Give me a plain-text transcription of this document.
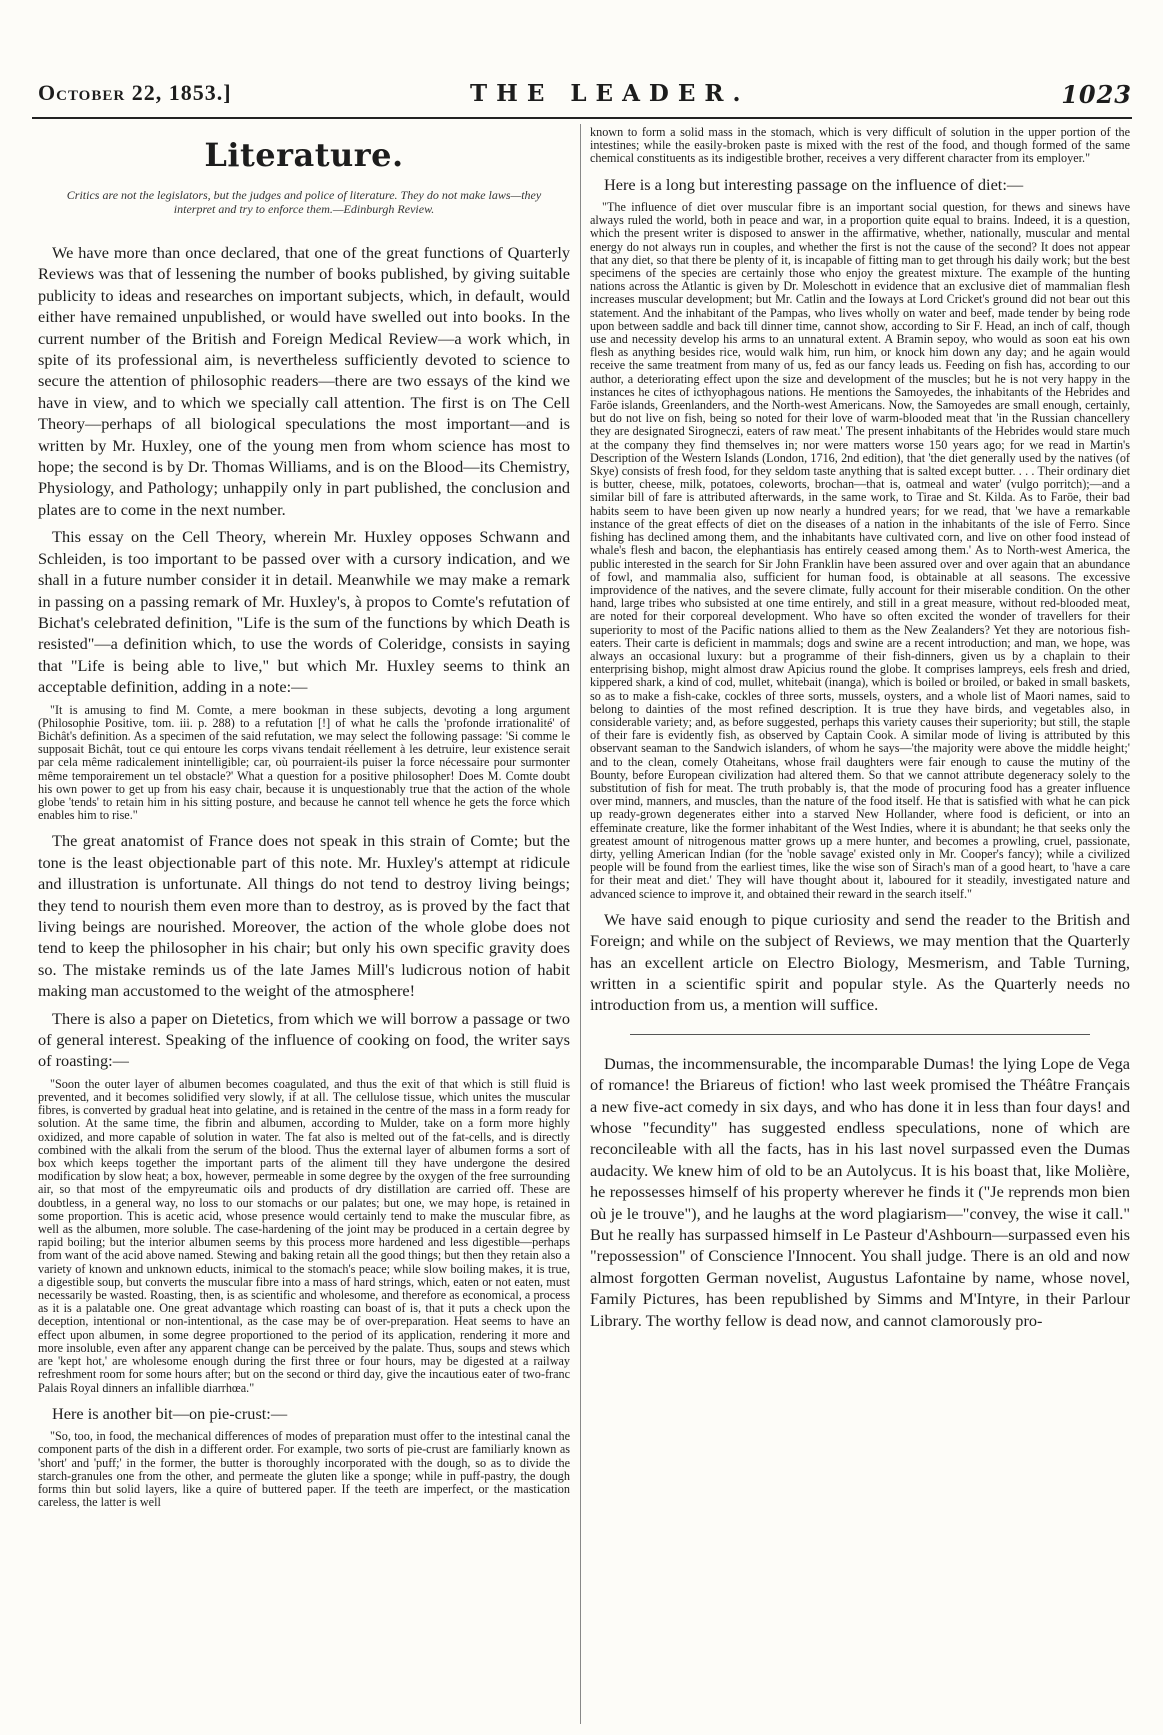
October 22, 1853.]	THE LEADER.	1023
Literature.
Critics are not the legislators, but the judges and police of literature. They do not make laws—they interpret and try to enforce them.—Edinburgh Review.

We have more than once declared, that one of the great functions of Quarterly Reviews was that of lessening the number of books published, by giving suitable publicity to ideas and researches on important subjects, which, in default, would either have remained unpublished, or would have swelled out into books. In the current number of the British and Foreign Medical Review—a work which, in spite of its professional aim, is nevertheless sufficiently devoted to science to secure the attention of philosophic readers—there are two essays of the kind we have in view, and to which we specially call attention. The first is on The Cell Theory—perhaps of all biological speculations the most important—and is written by Mr. Huxley, one of the young men from whom science has most to hope; the second is by Dr. Thomas Williams, and is on the Blood—its Chemistry, Physiology, and Pathology; unhappily only in part published, the conclusion and plates are to come in the next number.

This essay on the Cell Theory, wherein Mr. Huxley opposes Schwann and Schleiden, is too important to be passed over with a cursory indication, and we shall in a future number consider it in detail. Meanwhile we may make a remark in passing on a passing remark of Mr. Huxley's, à propos to Comte's refutation of Bichat's celebrated definition, "Life is the sum of the functions by which Death is resisted"—a definition which, to use the words of Coleridge, consists in saying that "Life is being able to live," but which Mr. Huxley seems to think an acceptable definition, adding in a note:—

"It is amusing to find M. Comte, a mere bookman in these subjects, devoting a long argument (Philosophie Positive, tom. iii. p. 288) to a refutation [!] of what he calls the 'profonde irrationalité' of Bichât's definition. As a specimen of the said refutation, we may select the following passage: 'Si comme le supposait Bichât, tout ce qui entoure les corps vivans tendait réellement à les detruire, leur existence serait par cela même radicalement inintelligible; car, où pourraient-ils puiser la force nécessaire pour surmonter même temporairement un tel obstacle?' What a question for a positive philosopher! Does M. Comte doubt his own power to get up from his easy chair, because it is unquestionably true that the action of the whole globe 'tends' to retain him in his sitting posture, and because he cannot tell whence he gets the force which enables him to rise."

The great anatomist of France does not speak in this strain of Comte; but the tone is the least objectionable part of this note. Mr. Huxley's attempt at ridicule and illustration is unfortunate. All things do not tend to destroy living beings; they tend to nourish them even more than to destroy, as is proved by the fact that living beings are nourished. Moreover, the action of the whole globe does not tend to keep the philosopher in his chair; but only his own specific gravity does so. The mistake reminds us of the late James Mill's ludicrous notion of habit making man accustomed to the weight of the atmosphere!

There is also a paper on Dietetics, from which we will borrow a passage or two of general interest. Speaking of the influence of cooking on food, the writer says of roasting:—

"Soon the outer layer of albumen becomes coagulated, and thus the exit of that which is still fluid is prevented, and it becomes solidified very slowly, if at all. The cellulose tissue, which unites the muscular fibres, is converted by gradual heat into gelatine, and is retained in the centre of the mass in a form ready for solution. At the same time, the fibrin and albumen, according to Mulder, take on a form more highly oxidized, and more capable of solution in water. The fat also is melted out of the fat-cells, and is directly combined with the alkali from the serum of the blood. Thus the external layer of albumen forms a sort of box which keeps together the important parts of the aliment till they have undergone the desired modification by slow heat; a box, however, permeable in some degree by the oxygen of the free surrounding air, so that most of the empyreumatic oils and products of dry distillation are carried off. These are doubtless, in a general way, no loss to our stomachs or our palates; but one, we may hope, is retained in some proportion. This is acetic acid, whose presence would certainly tend to make the muscular fibre, as well as the albumen, more soluble. The case-hardening of the joint may be produced in a certain degree by rapid boiling; but the interior albumen seems by this process more hardened and less digestible—perhaps from want of the acid above named. Stewing and baking retain all the good things; but then they retain also a variety of known and unknown educts, inimical to the stomach's peace; while slow boiling makes, it is true, a digestible soup, but converts the muscular fibre into a mass of hard strings, which, eaten or not eaten, must necessarily be wasted. Roasting, then, is as scientific and wholesome, and therefore as economical, a process as it is a palatable one. One great advantage which roasting can boast of is, that it puts a check upon the deception, intentional or non-intentional, as the case may be of over-preparation. Heat seems to have an effect upon albumen, in some degree proportioned to the period of its application, rendering it more and more insoluble, even after any apparent change can be perceived by the palate. Thus, soups and stews which are 'kept hot,' are wholesome enough during the first three or four hours, may be digested at a railway refreshment room for some hours after; but on the second or third day, give the incautious eater of two-franc Palais Royal dinners an infallible diarrhœa."

Here is another bit—on pie-crust:—

"So, too, in food, the mechanical differences of modes of preparation must offer to the intestinal canal the component parts of the dish in a different order. For example, two sorts of pie-crust are familiarly known as 'short' and 'puff;' in the former, the butter is thoroughly incorporated with the dough, so as to divide the starch-granules one from the other, and permeate the gluten like a sponge; while in puff-pastry, the dough forms thin but solid layers, like a quire of buttered paper. If the teeth are imperfect, or the mastication careless, the latter is well

known to form a solid mass in the stomach, which is very difficult of solution in the upper portion of the intestines; while the easily-broken paste is mixed with the rest of the food, and though formed of the same chemical constituents as its indigestible brother, receives a very different character from its employer."

Here is a long but interesting passage on the influence of diet:—

"The influence of diet over muscular fibre is an important social question, for thews and sinews have always ruled the world, both in peace and war, in a proportion quite equal to brains. Indeed, it is a question, which the present writer is disposed to answer in the affirmative, whether, nationally, muscular and mental energy do not always run in couples, and whether the first is not the cause of the second? It does not appear that any diet, so that there be plenty of it, is incapable of fitting man to get through his daily work; but the best specimens of the species are certainly those who enjoy the greatest mixture. The example of the hunting nations across the Atlantic is given by Dr. Moleschott in evidence that an exclusive diet of mammalian flesh increases muscular development; but Mr. Catlin and the Ioways at Lord Cricket's ground did not bear out this statement. And the inhabitant of the Pampas, who lives wholly on water and beef, made tender by being rode upon between saddle and back till dinner time, cannot show, according to Sir F. Head, an inch of calf, though use and necessity develop his arms to an unnatural extent. A Bramin sepoy, who would as soon eat his own flesh as anything besides rice, would walk him, run him, or knock him down any day; and he again would receive the same treatment from many of us, fed as our fancy leads us. Feeding on fish has, according to our author, a deteriorating effect upon the size and development of the muscles; but he is not very happy in the instances he cites of icthyophagous nations. He mentions the Samoyedes, the inhabitants of the Hebrides and Faröe islands, Greenlanders, and the North-west Americans. Now, the Samoyedes are small enough, certainly, but do not live on fish, being so noted for their love of warm-blooded meat that 'in the Russian chancellery they are designated Sirogneczi, eaters of raw meat.' The present inhabitants of the Hebrides would stare much at the company they find themselves in; nor were matters worse 150 years ago; for we read in Martin's Description of the Western Islands (London, 1716, 2nd edition), that 'the diet generally used by the natives (of Skye) consists of fresh food, for they seldom taste anything that is salted except butter. . . . Their ordinary diet is butter, cheese, milk, potatoes, coleworts, brochan—that is, oatmeal and water' (vulgo porritch);—and a similar bill of fare is attributed afterwards, in the same work, to Tirae and St. Kilda. As to Faröe, their bad habits seem to have been given up now nearly a hundred years; for we read, that 'we have a remarkable instance of the great effects of diet on the diseases of a nation in the inhabitants of the isle of Ferro. Since fishing has declined among them, and the inhabitants have cultivated corn, and live on other food instead of whale's flesh and bacon, the elephantiasis has entirely ceased among them.' As to North-west America, the public interested in the search for Sir John Franklin have been assured over and over again that an abundance of fowl, and mammalia also, sufficient for human food, is obtainable at all seasons. The excessive improvidence of the natives, and the severe climate, fully account for their miserable condition. On the other hand, large tribes who subsisted at one time entirely, and still in a great measure, without red-blooded meat, are noted for their corporeal development. Who have so often excited the wonder of travellers for their superiority to most of the Pacific nations allied to them as the New Zealanders? Yet they are notorious fish-eaters. Their carte is deficient in mammals; dogs and swine are a recent introduction; and man, we hope, was always an occasional luxury: but a programme of their fish-dinners, given us by a chaplain to their enterprising bishop, might almost draw Apicius round the globe. It comprises lampreys, eels fresh and dried, kippered shark, a kind of cod, mullet, whitebait (inanga), which is boiled or broiled, or baked in small baskets, so as to make a fish-cake, cockles of three sorts, mussels, oysters, and a whole list of Maori names, said to belong to dainties of the most refined description. It is true they have birds, and vegetables also, in considerable variety; and, as before suggested, perhaps this variety causes their superiority; but still, the staple of their fare is evidently fish, as observed by Captain Cook. A similar mode of living is attributed by this observant seaman to the Sandwich islanders, of whom he says—'the majority were above the middle height;' and to the clean, comely Otaheitans, whose frail daughters were fair enough to cause the mutiny of the Bounty, before European civilization had altered them. So that we cannot attribute degeneracy solely to the substitution of fish for meat. The truth probably is, that the mode of procuring food has a greater influence over mind, manners, and muscles, than the nature of the food itself. He that is satisfied with what he can pick up ready-grown degenerates either into a starved New Hollander, where food is deficient, or into an effeminate creature, like the former inhabitant of the West Indies, where it is abundant; he that seeks only the greatest amount of nitrogenous matter grows up a mere hunter, and becomes a prowling, cruel, passionate, dirty, yelling American Indian (for the 'noble savage' existed only in Mr. Cooper's fancy); while a civilized people will be found from the earliest times, like the wise son of Sirach's man of a good heart, to 'have a care for their meat and diet.' They will have thought about it, laboured for it steadily, investigated nature and advanced science to improve it, and obtained their reward in the search itself."

We have said enough to pique curiosity and send the reader to the British and Foreign; and while on the subject of Reviews, we may mention that the Quarterly has an excellent article on Electro Biology, Mesmerism, and Table Turning, written in a scientific spirit and popular style. As the Quarterly needs no introduction from us, a mention will suffice.

Dumas, the incommensurable, the incomparable Dumas! the lying Lope de Vega of romance! the Briareus of fiction! who last week promised the Théâtre Français a new five-act comedy in six days, and who has done it in less than four days! and whose "fecundity" has suggested endless speculations, none of which are reconcileable with all the facts, has in his last novel surpassed even the Dumas audacity. We knew him of old to be an Autolycus. It is his boast that, like Molière, he repossesses himself of his property wherever he finds it ("Je reprends mon bien où je le trouve"), and he laughs at the word plagiarism—"convey, the wise it call." But he really has surpassed himself in Le Pasteur d'Ashbourn—surpassed even his "repossession" of Conscience l'Innocent. You shall judge. There is an old and now almost forgotten German novelist, Augustus Lafontaine by name, whose novel, Family Pictures, has been republished by Simms and M'Intyre, in their Parlour Library. The worthy fellow is dead now, and cannot clamorously pro-
